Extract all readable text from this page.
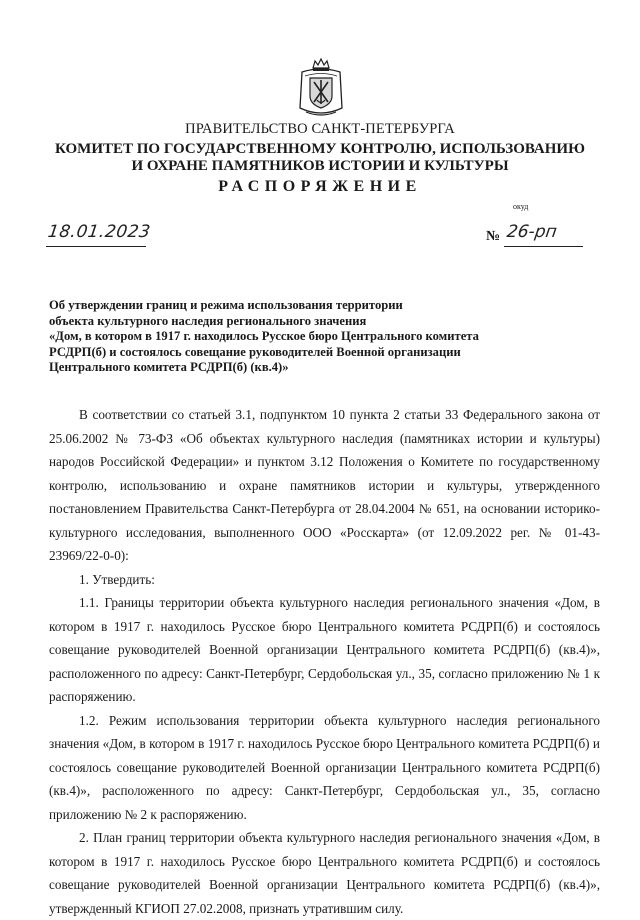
ПРАВИТЕЛЬСТВО САНКТ-ПЕТЕРБУРГА
КОМИТЕТ ПО ГОСУДАРСТВЕННОМУ КОНТРОЛЮ, ИСПОЛЬЗОВАНИЮ
И ОХРАНЕ ПАМЯТНИКОВ ИСТОРИИ И КУЛЬТУРЫ
РАСПОРЯЖЕНИЕ
окуд
18.01.2023	№ 26-рп
Об утверждении границ и режима использования территории
объекта культурного наследия регионального значения
«Дом, в котором в 1917 г. находилось Русское бюро Центрального комитета
РСДРП(б) и состоялось совещание руководителей Военной организации
Центрального комитета РСДРП(б) (кв.4)»
В соответствии со статьей 3.1, подпунктом 10 пункта 2 статьи 33 Федерального закона от 25.06.2002 № 73-ФЗ «Об объектах культурного наследия (памятниках истории и культуры) народов Российской Федерации» и пунктом 3.12 Положения о Комитете по государственному контролю, использованию и охране памятников истории и культуры, утвержденного постановлением Правительства Санкт-Петербурга от 28.04.2004 № 651, на основании историко-культурного исследования, выполненного ООО «Росскарта» (от 12.09.2022 рег. № 01-43-23969/22-0-0):
1. Утвердить:
1.1. Границы территории объекта культурного наследия регионального значения «Дом, в котором в 1917 г. находилось Русское бюро Центрального комитета РСДРП(б) и состоялось совещание руководителей Военной организации Центрального комитета РСДРП(б) (кв.4)», расположенного по адресу: Санкт-Петербург, Сердобольская ул., 35, согласно приложению № 1 к распоряжению.
1.2. Режим использования территории объекта культурного наследия регионального значения «Дом, в котором в 1917 г. находилось Русское бюро Центрального комитета РСДРП(б) и состоялось совещание руководителей Военной организации Центрального комитета РСДРП(б) (кв.4)», расположенного по адресу: Санкт-Петербург, Сердобольская ул., 35, согласно приложению № 2 к распоряжению.
2. План границ территории объекта культурного наследия регионального значения «Дом, в котором в 1917 г. находилось Русское бюро Центрального комитета РСДРП(б) и состоялось совещание руководителей Военной организации Центрального комитета РСДРП(б) (кв.4)», утвержденный КГИОП 27.02.2008, признать утратившим силу.
